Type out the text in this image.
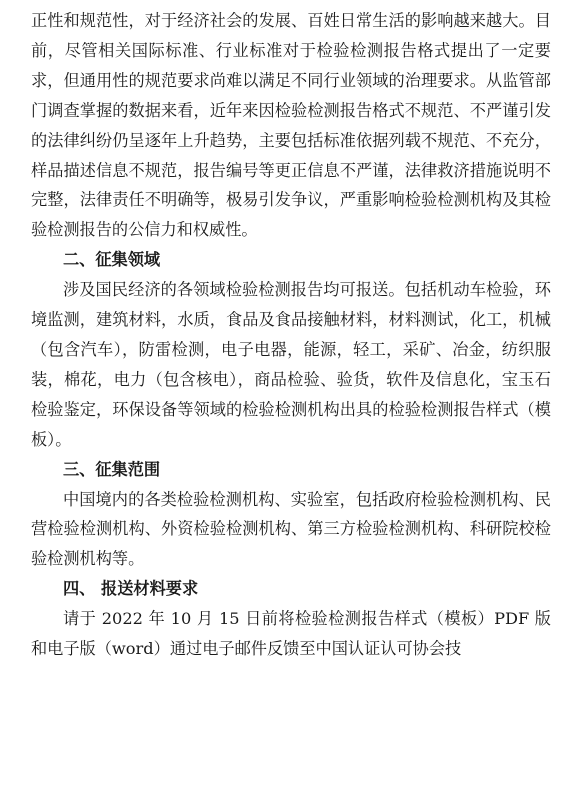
正性和规范性，对于经济社会的发展、百姓日常生活的影响越来越大。目前，尽管相关国际标准、行业标准对于检验检测报告格式提出了一定要求，但通用性的规范要求尚难以满足不同行业领域的治理要求。从监管部门调查掌握的数据来看，近年来因检验检测报告格式不规范、不严谨引发的法律纠纷仍呈逐年上升趋势，主要包括标准依据列载不规范、不充分，样品描述信息不规范，报告编号等更正信息不严谨，法律救济措施说明不完整，法律责任不明确等，极易引发争议，严重影响检验检测机构及其检验检测报告的公信力和权威性。

二、征集领域

涉及国民经济的各领域检验检测报告均可报送。包括机动车检验，环境监测，建筑材料，水质，食品及食品接触材料，材料测试，化工，机械（包含汽车），防雷检测，电子电器，能源，轻工，采矿、冶金，纺织服装，棉花，电力（包含核电），商品检验、验货，软件及信息化，宝玉石检验鉴定，环保设备等领域的检验检测机构出具的检验检测报告样式（模板）。

三、征集范围

中国境内的各类检验检测机构、实验室，包括政府检验检测机构、民营检验检测机构、外资检验检测机构、第三方检验检测机构、科研院校检验检测机构等。

四、 报送材料要求

请于 2022 年 10 月 15 日前将检验检测报告样式（模板）PDF 版和电子版（word）通过电子邮件反馈至中国认证认可协会技
